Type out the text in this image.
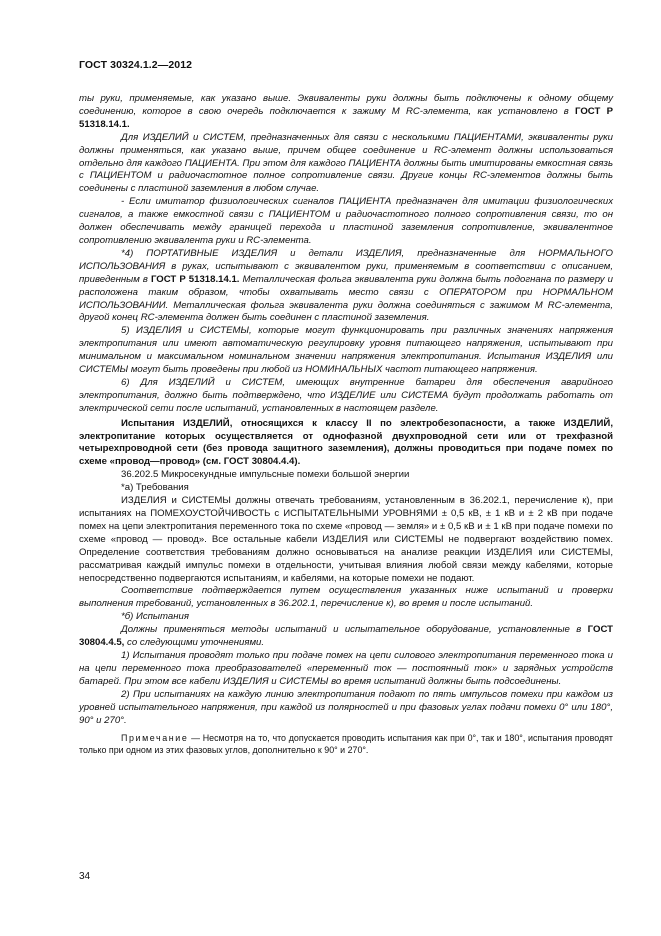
ГОСТ 30324.1.2—2012

ты руки, применяемые, как указано выше. Эквиваленты руки должны быть подключены к одному общему соединению, которое в свою очередь подключается к зажиму М RC-элемента, как установлено в ГОСТ Р 51318.14.1.

Для ИЗДЕЛИЙ и СИСТЕМ, предназначенных для связи с несколькими ПАЦИЕНТАМИ, эквиваленты руки должны применяться, как указано выше, причем общее соединение и RC-элемент должны использоваться отдельно для каждого ПАЦИЕНТА. При этом для каждого ПАЦИЕНТА должны быть имитированы емкостная связь с ПАЦИЕНТОМ и радиочастотное полное сопротивление связи. Другие концы RC-элементов должны быть соединены с пластиной заземления в любом случае.

- Если имитатор физиологических сигналов ПАЦИЕНТА предназначен для имитации физиологических сигналов, а также емкостной связи с ПАЦИЕНТОМ и радиочастотного полного сопротивления связи, то он должен обеспечивать между границей перехода и пластиной заземления сопротивление, эквивалентное сопротивлению эквивалента руки и RC-элемента.

*4) ПОРТАТИВНЫЕ ИЗДЕЛИЯ и детали ИЗДЕЛИЯ, предназначенные для НОРМАЛЬНОГО ИСПОЛЬЗОВАНИЯ в руках, испытывают с эквивалентом руки, применяемым в соответствии с описанием, приведенным в ГОСТ Р 51318.14.1. Металлическая фольга эквивалента руки должна быть подогнана по размеру и расположена таким образом, чтобы охватывать место связи с ОПЕРАТОРОМ при НОРМАЛЬНОМ ИСПОЛЬЗОВАНИИ. Металлическая фольга эквивалента руки должна соединяться с зажимом М RC-элемента, другой конец RC-элемента должен быть соединен с пластиной заземления.

5) ИЗДЕЛИЯ и СИСТЕМЫ, которые могут функционировать при различных значениях напряжения электропитания или имеют автоматическую регулировку уровня питающего напряжения, испытывают при минимальном и максимальном номинальном значении напряжения электропитания. Испытания ИЗДЕЛИЯ или СИСТЕМЫ могут быть проведены при любой из НОМИНАЛЬНЫХ частот питающего напряжения.

6) Для ИЗДЕЛИЙ и СИСТЕМ, имеющих внутренние батареи для обеспечения аварийного электропитания, должно быть подтверждено, что ИЗДЕЛИЕ или СИСТЕМА будут продолжать работать от электрической сети после испытаний, установленных в настоящем разделе.

Испытания ИЗДЕЛИЙ, относящихся к классу II по электробезопасности, а также ИЗДЕЛИЙ, электропитание которых осуществляется от однофазной двухпроводной сети или от трехфазной четырехпроводной сети (без провода защитного заземления), должны проводиться при подаче помех по схеме «провод—провод» (см. ГОСТ 30804.4.4).

36.202.5 Микросекундные импульсные помехи большой энергии

*а) Требования

ИЗДЕЛИЯ и СИСТЕМЫ должны отвечать требованиям, установленным в 36.202.1, перечисление к), при испытаниях на ПОМЕХОУСТОЙЧИВОСТЬ с ИСПЫТАТЕЛЬНЫМИ УРОВНЯМИ ± 0,5 кВ, ± 1 кВ и ± 2 кВ при подаче помех на цепи электропитания переменного тока по схеме «провод — земля» и ± 0,5 кВ и ± 1 кВ при подаче помехи по схеме «провод — провод». Все остальные кабели ИЗДЕЛИЯ или СИСТЕМЫ не подвергают воздействию помех. Определение соответствия требованиям должно основываться на анализе реакции ИЗДЕЛИЯ или СИСТЕМЫ, рассматривая каждый импульс помехи в отдельности, учитывая влияния любой связи между кабелями, которые непосредственно подвергаются испытаниям, и кабелями, на которые помехи не подают.

Соответствие подтверждается путем осуществления указанных ниже испытаний и проверки выполнения требований, установленных в 36.202.1, перечисление к), во время и после испытаний.

*б) Испытания

Должны применяться методы испытаний и испытательное оборудование, установленные в ГОСТ 30804.4.5, со следующими уточнениями.

1) Испытания проводят только при подаче помех на цепи силового электропитания переменного тока и на цепи переменного тока преобразователей «переменный ток — постоянный ток» и зарядных устройств батарей. При этом все кабели ИЗДЕЛИЯ и СИСТЕМЫ во время испытаний должны быть подсоединены.

2) При испытаниях на каждую линию электропитания подают по пять импульсов помехи при каждом из уровней испытательного напряжения, при каждой из полярностей и при фазовых углах подачи помехи 0° или 180°, 90° и 270°.

Примечание — Несмотря на то, что допускается проводить испытания как при 0°, так и 180°, испытания проводят только при одном из этих фазовых углов, дополнительно к 90° и 270°.

34
